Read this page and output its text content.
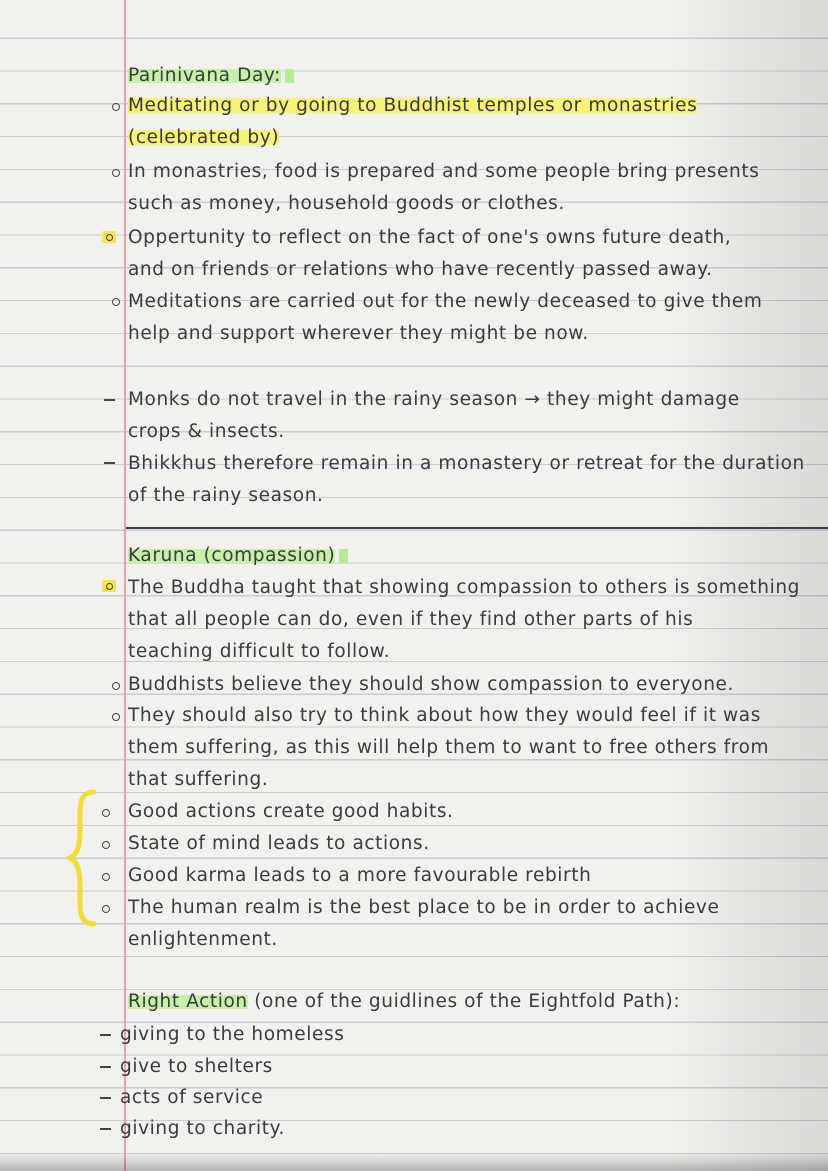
Parinivana Day:
Meditating or by going to Buddhist temples or monastries
(celebrated by)
In monastries, food is prepared and some people bring presents
such as money, household goods or clothes.
Oppertunity to reflect on the fact of one's owns future death,
and on friends or relations who have recently passed away.
Meditations are carried out for the newly deceased to give them
help and support wherever they might be now.
Monks do not travel in the rainy season → they might damage
crops & insects.
Bhikkhus therefore remain in a monastery or retreat for the duration
of the rainy season.
Karuna (compassion)
The Buddha taught that showing compassion to others is something
that all people can do, even if they find other parts of his
teaching difficult to follow.
Buddhists believe they should show compassion to everyone.
They should also try to think about how they would feel if it was
them suffering, as this will help them to want to free others from
that suffering.
Good actions create good habits.
State of mind leads to actions.
Good karma leads to a more favourable rebirth
The human realm is the best place to be in order to achieve
enlightenment.
Right Action (one of the guidlines of the Eightfold Path):
giving to the homeless
give to shelters
acts of service
giving to charity.
